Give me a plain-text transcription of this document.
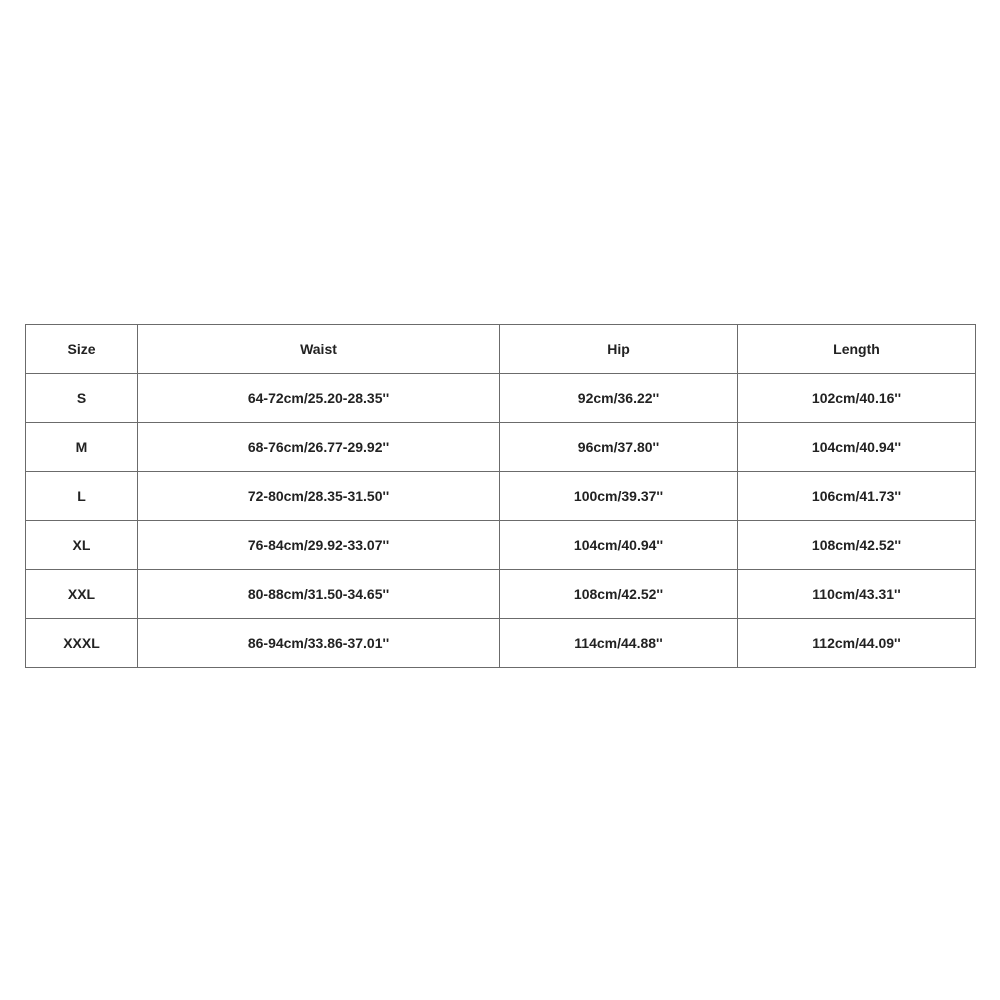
Size	Waist	Hip	Length
S	64-72cm/25.20-28.35''	92cm/36.22''	102cm/40.16''
M	68-76cm/26.77-29.92''	96cm/37.80''	104cm/40.94''
L	72-80cm/28.35-31.50''	100cm/39.37''	106cm/41.73''
XL	76-84cm/29.92-33.07''	104cm/40.94''	108cm/42.52''
XXL	80-88cm/31.50-34.65''	108cm/42.52''	110cm/43.31''
XXXL	86-94cm/33.86-37.01''	114cm/44.88''	112cm/44.09''
